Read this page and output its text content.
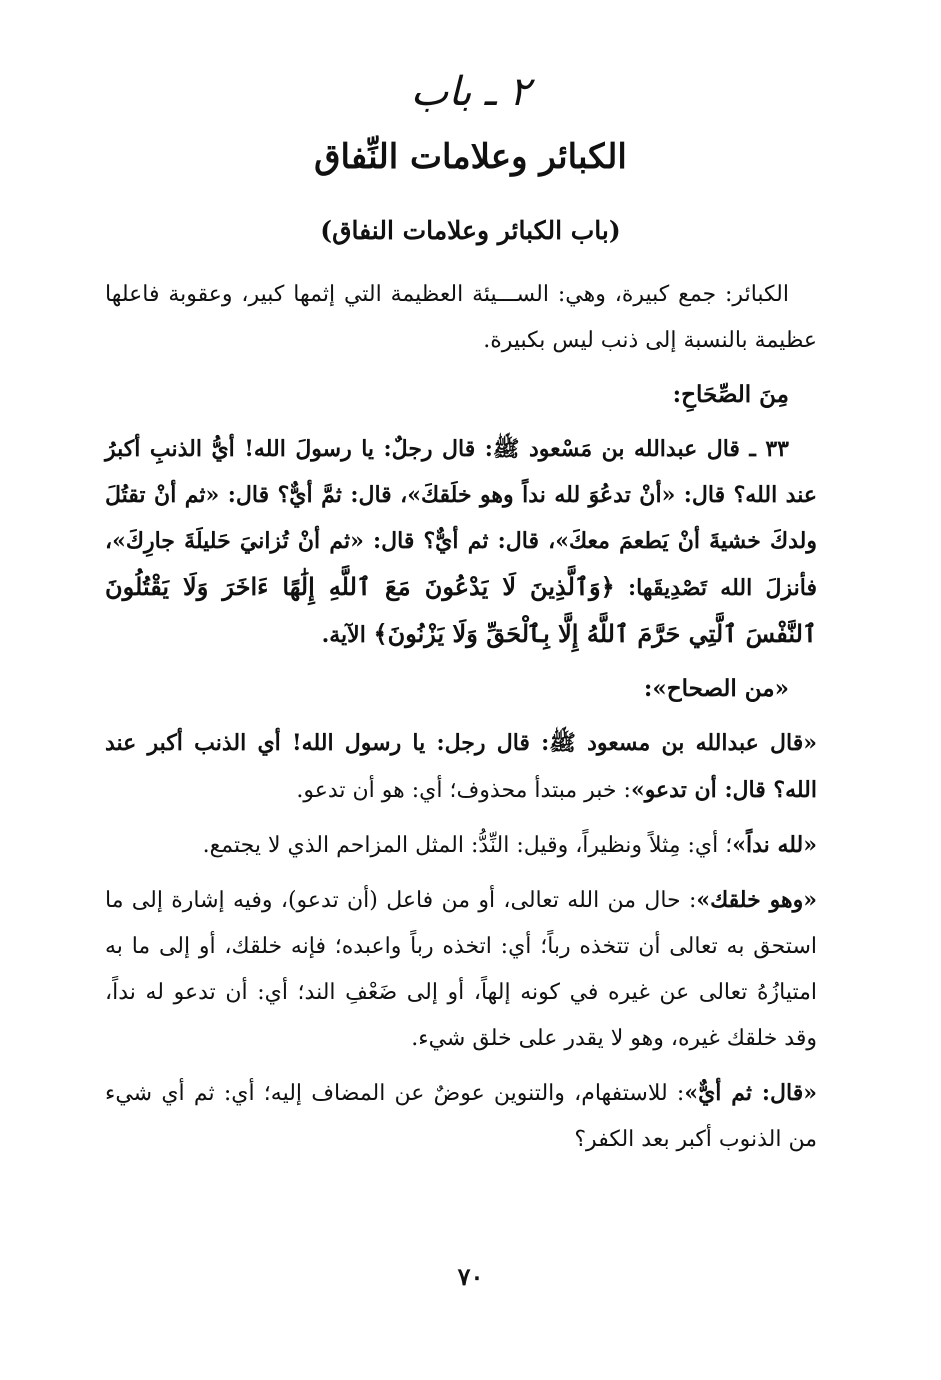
٢ ـ باب
الكبائر وعلامات النِّفاق
(باب الكبائر وعلامات النفاق)

الكبائر: جمع كبيرة، وهي: الســـيئة العظيمة التي إثمها كبير، وعقوبة فاعلها عظيمة بالنسبة إلى ذنب ليس بكبيرة.

مِنَ الصِّحَاحِ:

٣٣ ـ قال عبدالله بن مَسْعود ﷺ: قال رجلٌ: يا رسولَ الله! أيُّ الذنبِ أكبرُ عند الله؟ قال: «أنْ تدعُوَ لله نداً وهو خلَقكَ»، قال: ثمَّ أيٌّ؟ قال: «ثم أنْ تقتُلَ ولدكَ خشيةَ أنْ يَطعمَ معكَ»، قال: ثم أيٌّ؟ قال: «ثم أنْ تُزانيَ حَليلَةَ جارِكَ»، فأنزلَ الله تَصْدِيقَها: ﴿وَٱلَّذِينَ لَا يَدْعُونَ مَعَ ٱللَّهِ إِلَٰهًا ءَاخَرَ وَلَا يَقْتُلُونَ ٱلنَّفْسَ ٱلَّتِي حَرَّمَ ٱللَّهُ إِلَّا بِٱلْحَقِّ وَلَا يَزْنُونَ﴾ الآية.

«من الصحاح»:

«قال عبدالله بن مسعود ﷺ: قال رجل: يا رسول الله! أي الذنب أكبر عند الله؟ قال: أن تدعو»: خبر مبتدأ محذوف؛ أي: هو أن تدعو.

«لله نداً»؛ أي: مِثلاً ونظيراً، وقيل: النِّدُّ: المثل المزاحم الذي لا يجتمع.

«وهو خلقك»: حال من الله تعالى، أو من فاعل (أن تدعو)، وفيه إشارة إلى ما استحق به تعالى أن تتخذه رباً؛ أي: اتخذه رباً واعبده؛ فإنه خلقك، أو إلى ما به امتيازُهُ تعالى عن غيره في كونه إلهاً، أو إلى ضَعْفِ الند؛ أي: أن تدعو له نداً، وقد خلقك غيره، وهو لا يقدر على خلق شيء.

«قال: ثم أيٌّ»: للاستفهام، والتنوين عوضٌ عن المضاف إليه؛ أي: ثم أي شيء من الذنوب أكبر بعد الكفر؟

٧٠
